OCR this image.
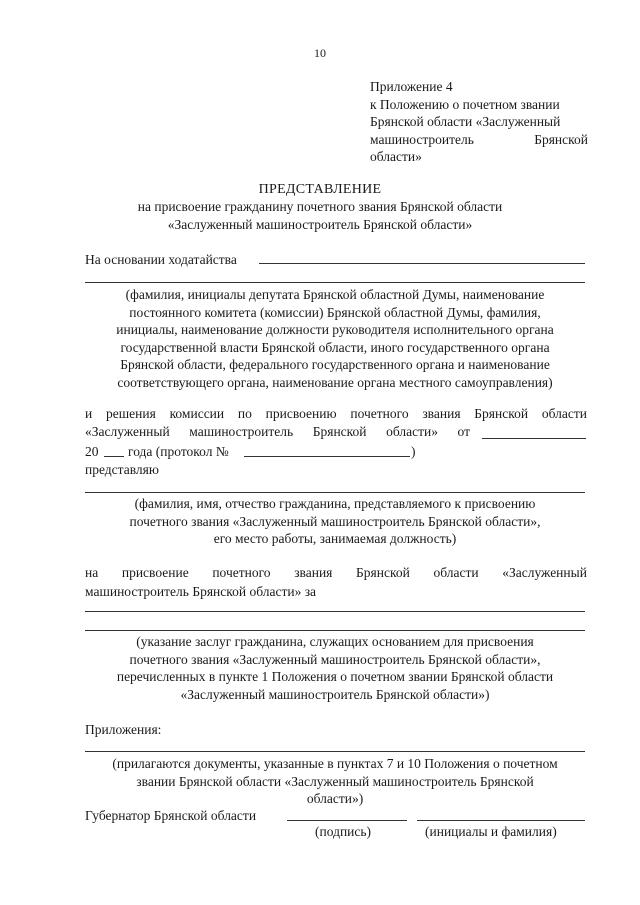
10
Приложение 4
к Положению о почетном звании
Брянской области «Заслуженный
машиностроитель	Брянской
области»
ПРЕДСТАВЛЕНИЕ
на присвоение гражданину почетного звания Брянской области
«Заслуженный машиностроитель Брянской области»
На основании ходатайства
(фамилия, инициалы депутата Брянской областной Думы, наименование
постоянного комитета (комиссии) Брянской областной Думы, фамилия,
инициалы, наименование должности руководителя исполнительного органа
государственной власти Брянской области, иного государственного органа
Брянской области, федерального государственного органа и наименование
соответствующего органа, наименование органа местного самоуправления)
и решения комиссии по присвоению почетного звания Брянской области
«Заслуженный машиностроитель Брянской области» от
20 года (протокол №	)
представляю
(фамилия, имя, отчество гражданина, представляемого к присвоению
почетного звания «Заслуженный машиностроитель Брянской области»,
его место работы, занимаемая должность)
на присвоение почетного звания Брянской области «Заслуженный
машиностроитель Брянской области» за
(указание заслуг гражданина, служащих основанием для присвоения
почетного звания «Заслуженный машиностроитель Брянской области»,
перечисленных в пункте 1 Положения о почетном звании Брянской области
«Заслуженный машиностроитель Брянской области»)
Приложения:
(прилагаются документы, указанные в пунктах 7 и 10 Положения о почетном
звании Брянской области «Заслуженный машиностроитель Брянской
области»)
Губернатор Брянской области
(подпись)	(инициалы и фамилия)
